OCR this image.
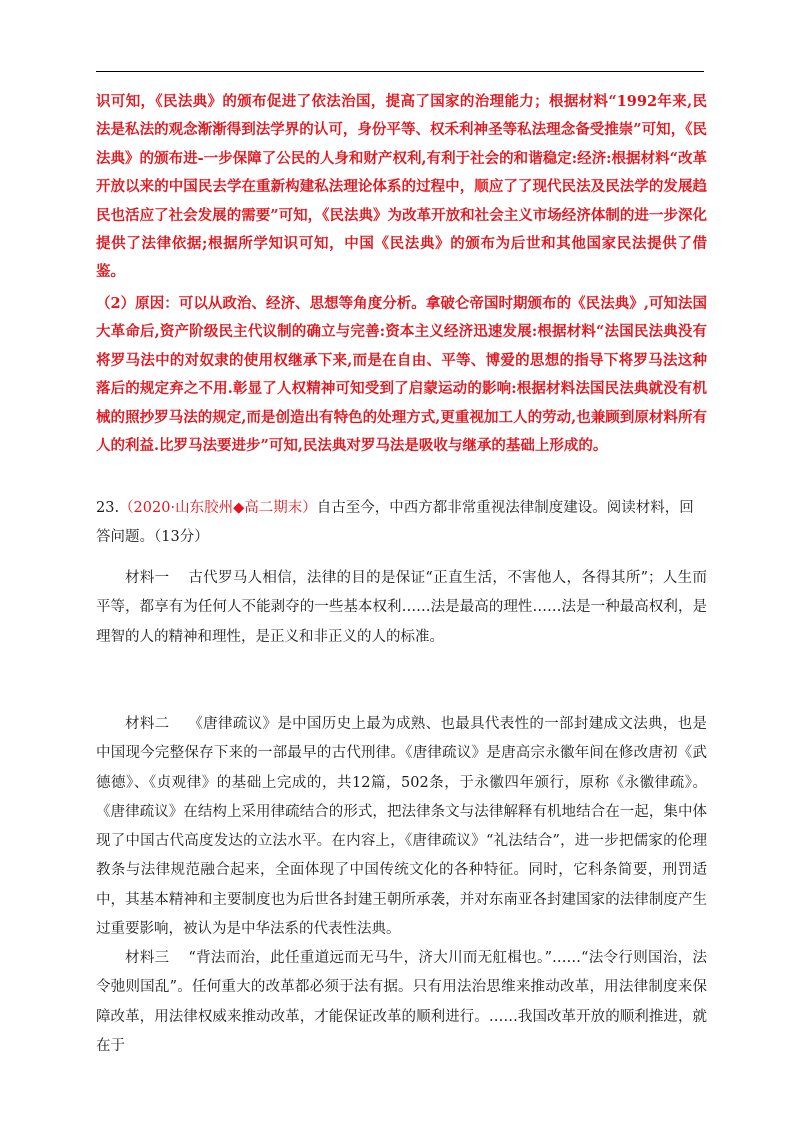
识可知，《民法典》的颁布促进了依法治国，提高了国家的治理能力；根据材料“1992年来,民法是私法的观念渐渐得到法学界的认可，身份平等、权禾利神圣等私法理念备受推崇”可知，《民法典》的颁布进-一步保障了公民的人身和财产权利,有利于社会的和谐稳定:经济:根据材料“改革开放以来的中国民去学在重新构建私法理论体系的过程中，顺应了了现代民法及民法学的发展趋民也活应了社会发展的需要”可知，《民法典》为改革开放和社会主义市场经济体制的进一步深化提供了法律依据;根据所学知识可知，中国《民法典》的颁布为后世和其他国家民法提供了借鉴。
（2）原因：可以从政治、经济、思想等角度分析。拿破仑帝国时期颁布的《民法典》,可知法国大革命后,资产阶级民主代议制的确立与完善:资本主义经济迅速发展:根据材料“法国民法典没有将罗马法中的对奴隶的使用权继承下来,而是在自由、平等、博爱的思想的指导下将罗马法这种落后的规定弃之不用.彰显了人权精神可知受到了启蒙运动的影响:根据材料法国民法典就没有机械的照抄罗马法的规定,而是创造出有特色的处理方式,更重视加工人的劳动,也兼顾到原材料所有人的利益.比罗马法要进步”可知,民法典对罗马法是吸收与继承的基础上形成的。
23.（2020·山东胶州◆高二期末）自古至今，中西方都非常重视法律制度建设。阅读材料，回答问题。（13分）
材料一 古代罗马人相信，法律的目的是保证“正直生活，不害他人，各得其所”；人生而平等，都享有为任何人不能剥夺的一些基本权利……法是最高的理性……法是一种最高权利，是理智的人的精神和理性，是正义和非正义的人的标准。
材料二 《唐律疏议》是中国历史上最为成熟、也最具代表性的一部封建成文法典，也是中国现今完整保存下来的一部最早的古代刑律。《唐律疏议》是唐高宗永徽年间在修改唐初《武德德》、《贞观律》的基础上完成的，共12篇，502条，于永徽四年颁行，原称《永徽律疏》。《唐律疏议》在结构上采用律疏结合的形式，把法律条文与法律解释有机地结合在一起，集中体现了中国古代高度发达的立法水平。在内容上，《唐律疏议》“礼法结合”，进一步把儒家的伦理教条与法律规范融合起来，全面体现了中国传统文化的各种特征。同时，它科条简要，刑罚适中，其基本精神和主要制度也为后世各封建王朝所承袭，并对东南亚各封建国家的法律制度产生过重要影响，被认为是中华法系的代表性法典。
材料三 “背法而治，此任重道远而无马牛，济大川而无舡楫也。”……“法令行则国治，法令弛则国乱”。任何重大的改革都必须于法有据。只有用法治思维来推动改革，用法律制度来保障改革，用法律权威来推动改革，才能保证改革的顺利进行。……我国改革开放的顺利推进，就在于
